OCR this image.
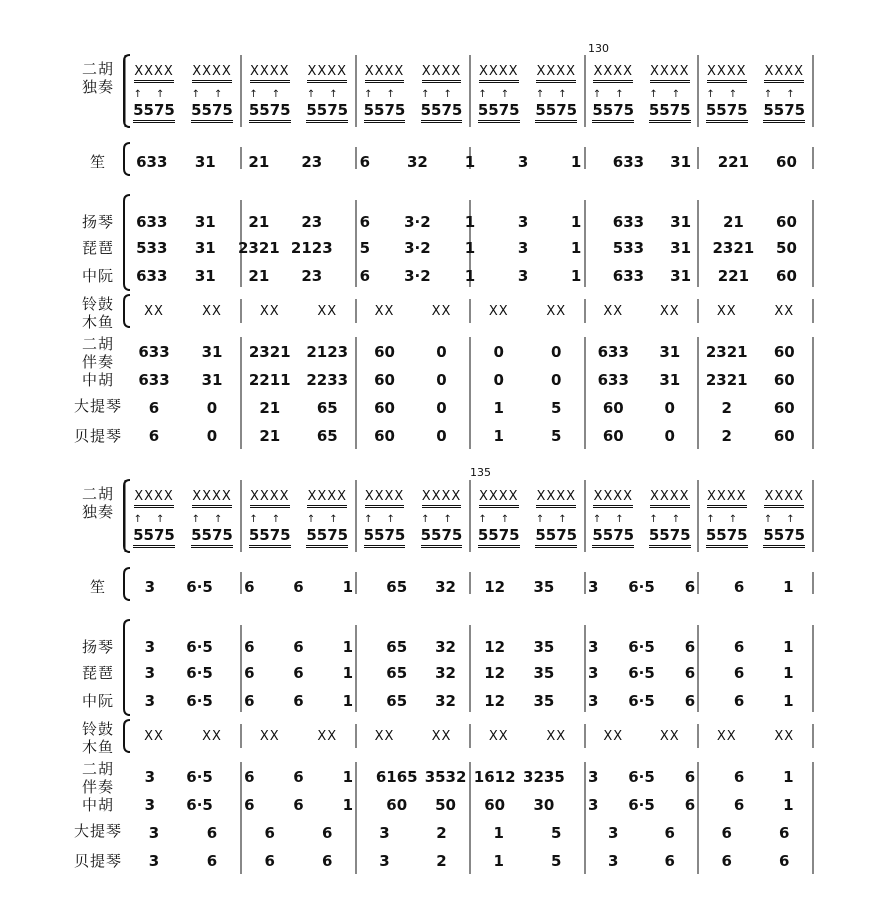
130
135
二胡
独奏
XXXX	XXXX	XXXX	XXXX	XXXX	XXXX	XXXX	XXXX	XXXX	XXXX	XXXX	XXXX
↑↑	↑↑	↑↑	↑↑	↑↑	↑↑	↑↑	↑↑	↑↑	↑↑	↑↑	↑↑
5575	5575	5575	5575	5575	5575	5575	5575	5575 5575	5575	5575
笙	633	31	21	23	6	32	1	3	1	633	31	221	60
扬琴
琵琶
中阮
633	31	21	23	6	3·2	1	3	1	633	31	21	60
533	31	2321 2123	5	3·2	1	3	1	533	31	2321	50
633	31	21	23	6	3·2	1	3	1	633	31	221	60
铃鼓
木鱼
XX	XX	XX	XX	XX	XX	XX	XX	XX	XX	XX	XX
二胡
伴奏
中胡
大提琴
贝提琴
633	31	2321	2123	60	0	0	0	633	31	2321	60
633	31	2211	2233	60	0	0	0	633	31	2321	60
6	0	21	65	60	0	1	5	60	0	2	60
6	0	21	65	60	0	1	5	60	0	2	60
二胡
独奏
XXXX	XXXX	XXXX	XXXX	XXXX	XXXX	XXXX	XXXX	XXXX	XXXX	XXXX	XXXX
↑↑	↑↑	↑↑	↑↑	↑↑	↑↑	↑↑	↑↑	↑↑	↑↑	↑↑	↑↑
5575	5575	5575	5575	5575	5575	5575	5575	5575 5575	5575	5575
笙	3	6·5	6	6	1	65	32	12	35	3	6·5	6	6	1
扬琴
琵琶
中阮
3	6·5	6	6	1	65	32	12	35	3	6·5	6	6	1
3	6·5	6	6	1	65	32	12	35	3	6·5	6	6	1
3	6·5	6	6	1	65	32	12	35	3	6·5	6	6	1
铃鼓
木鱼
XX	XX	XX	XX	XX	XX	XX	XX	XX	XX	XX	XX
二胡
伴奏
中胡
大提琴
贝提琴
3	6·5	6	6	1	6165 3532 1612 3235	3	6·5	6	6	1
3	6·5	6	6	1	60	50	60	30	3	6·5	6	6	1
3	6	6	6	3	2	1	5	3	6	6	6
3	6	6	6	3	2	1	5	3	6	6	6
